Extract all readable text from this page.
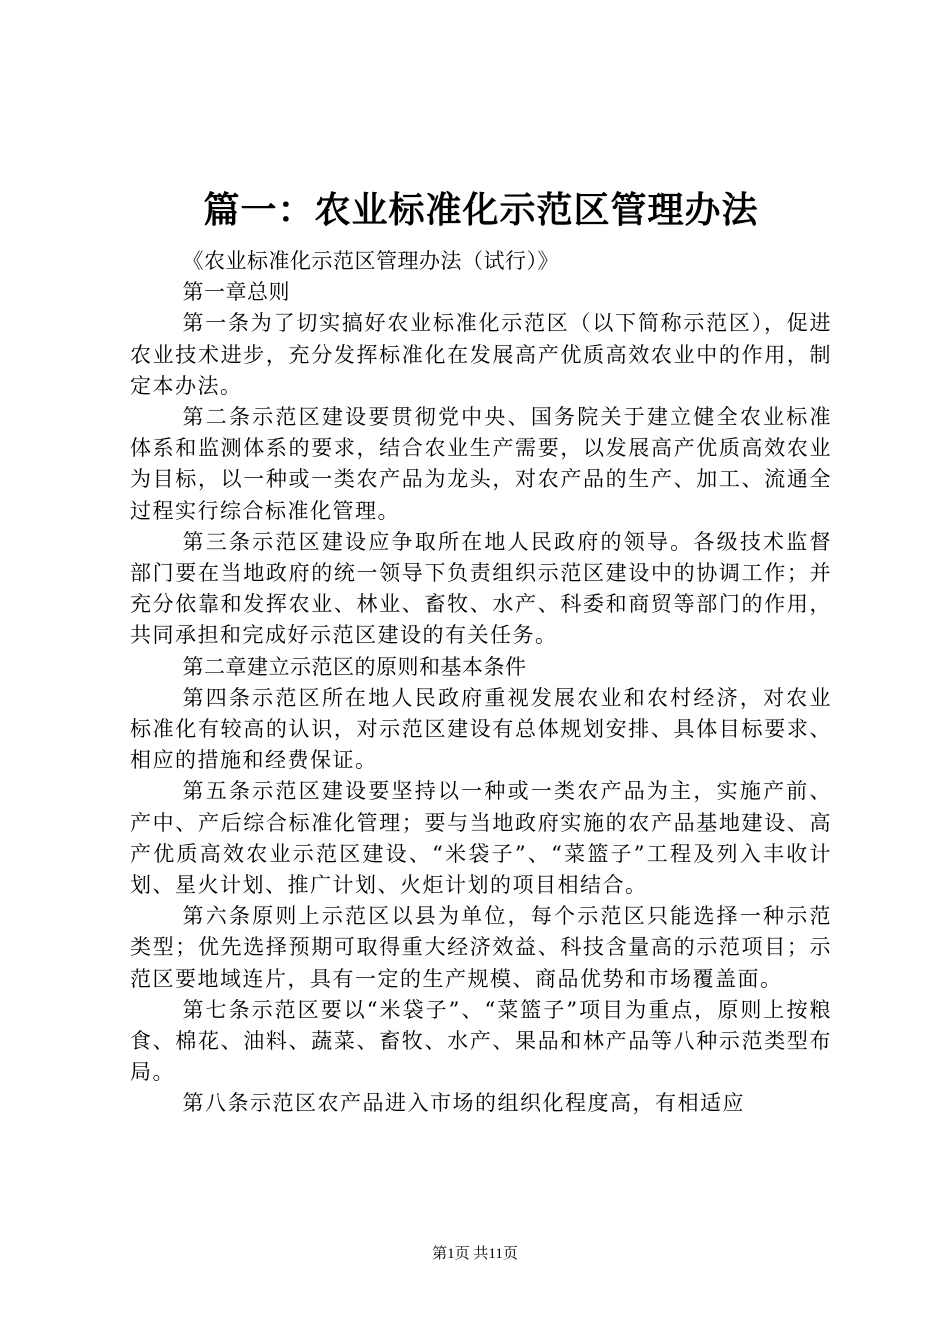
篇一：农业标准化示范区管理办法

《农业标准化示范区管理办法（试行）》

第一章总则

第一条为了切实搞好农业标准化示范区（以下简称示范区），促进农业技术进步，充分发挥标准化在发展高产优质高效农业中的作用，制定本办法。

第二条示范区建设要贯彻党中央、国务院关于建立健全农业标准体系和监测体系的要求，结合农业生产需要，以发展高产优质高效农业为目标，以一种或一类农产品为龙头，对农产品的生产、加工、流通全过程实行综合标准化管理。

第三条示范区建设应争取所在地人民政府的领导。各级技术监督部门要在当地政府的统一领导下负责组织示范区建设中的协调工作；并充分依靠和发挥农业、林业、畜牧、水产、科委和商贸等部门的作用，共同承担和完成好示范区建设的有关任务。

第二章建立示范区的原则和基本条件

第四条示范区所在地人民政府重视发展农业和农村经济，对农业标准化有较高的认识，对示范区建设有总体规划安排、具体目标要求、相应的措施和经费保证。

第五条示范区建设要坚持以一种或一类农产品为主，实施产前、产中、产后综合标准化管理；要与当地政府实施的农产品基地建设、高产优质高效农业示范区建设、“米袋子”、“菜篮子”工程及列入丰收计划、星火计划、推广计划、火炬计划的项目相结合。

第六条原则上示范区以县为单位，每个示范区只能选择一种示范类型；优先选择预期可取得重大经济效益、科技含量高的示范项目；示范区要地域连片，具有一定的生产规模、商品优势和市场覆盖面。

第七条示范区要以“米袋子”、“菜篮子”项目为重点，原则上按粮食、棉花、油料、蔬菜、畜牧、水产、果品和林产品等八种示范类型布局。

第八条示范区农产品进入市场的组织化程度高，有相适应

第1页 共11页
